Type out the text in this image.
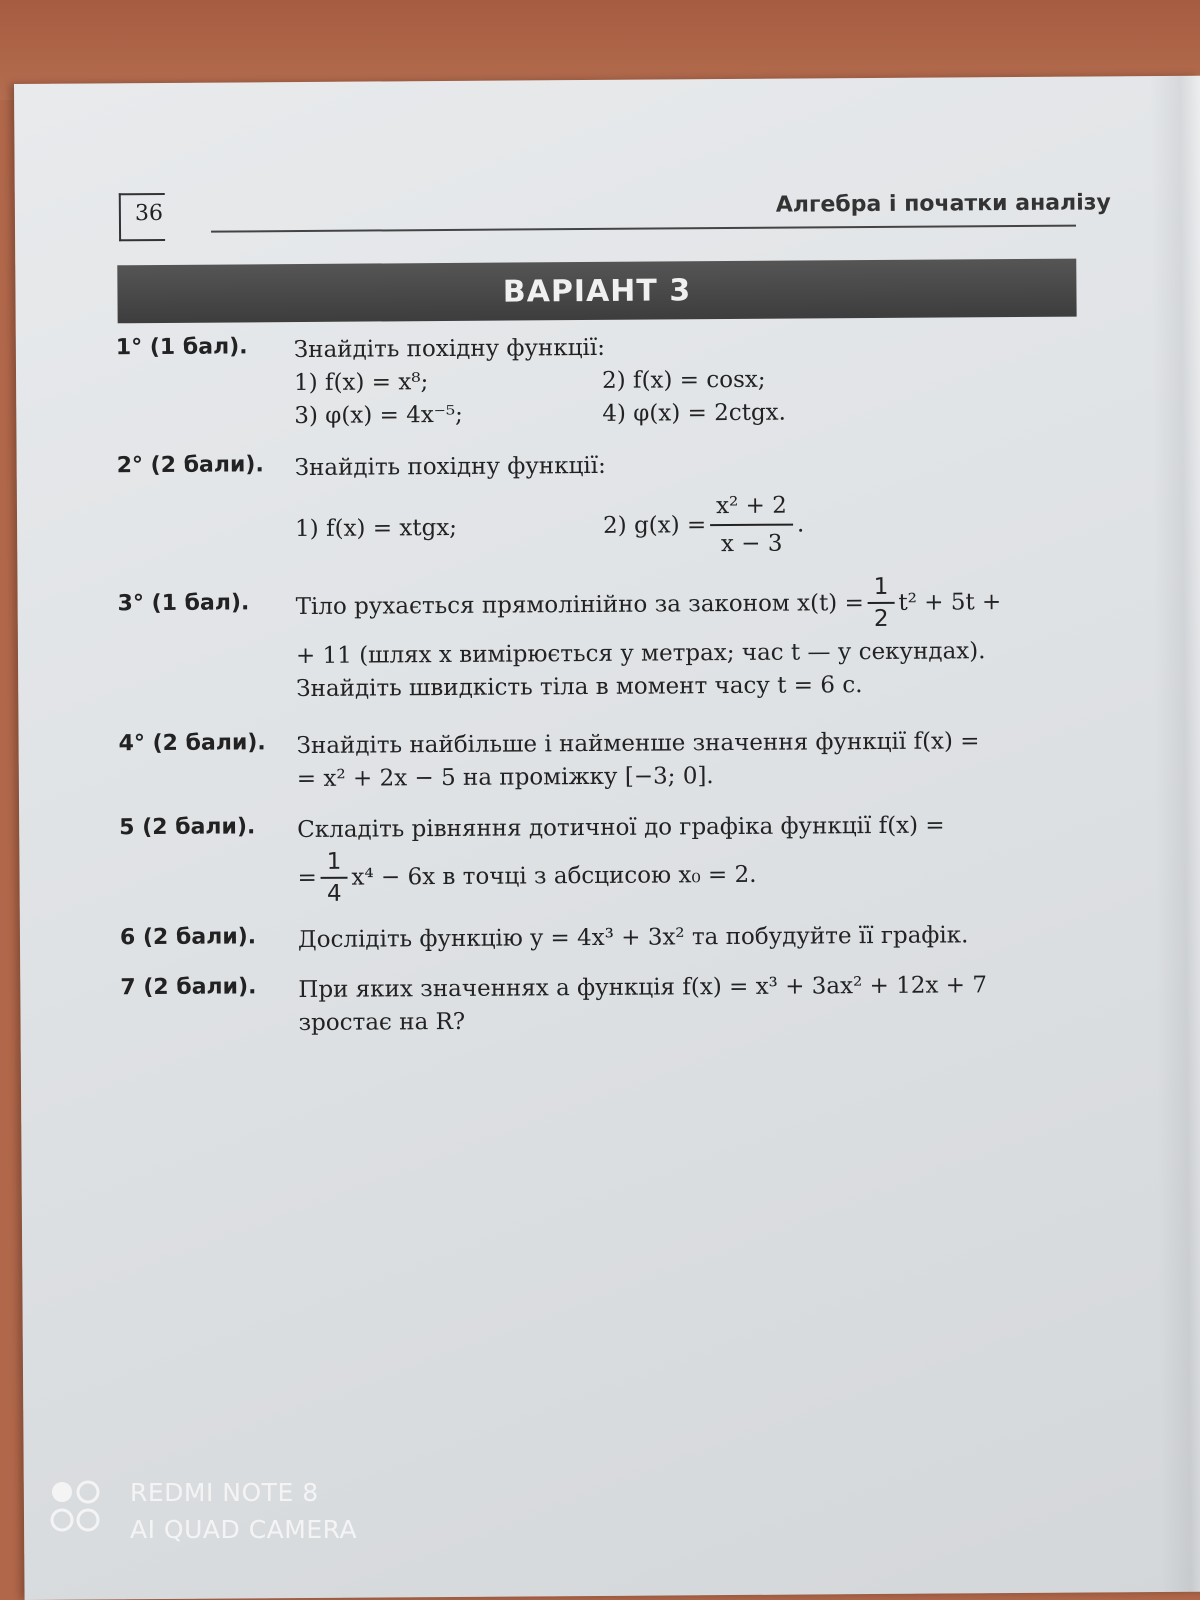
36	Алгебра і початки аналізу
ВАРІАНТ 3
1° (1 бал). Знайдіть похідну функції:
1) f(x) = x⁸;	2) f(x) = cosx;
3) φ(x) = 4x⁻⁵;	4) φ(x) = 2ctgx.
2° (2 бали). Знайдіть похідну функції:
1) f(x) = xtgx;	2) $g(x) = \frac{\text{x² + 2}}{x - 3}$ .
3° (1 бал). Тіло рухається прямолінійно за законом $x(t) = \frac{1}{2} t^2 + 5t$ +
+ 11 (шлях x вимірюється у метрах; час t — у секундах).
Знайдіть швидкість тіла в момент часу t = 6 с.
4° (2 бали). Знайдіть найбільше і найменше значення функції f(x) =
= x² + 2x − 5 на проміжку [−3; 0].
5 (2 бали). Складіть рівняння дотичної до графіка функції f(x) =
= $\frac{1}{4} x^4 - 6x$ в точці з абсцисою x₀ = 2.
6 (2 бали). Дослідіть функцію y = 4x³ + 3x² та побудуйте її графік.
7 (2 бали). При яких значеннях a функція f(x) = x³ + 3ax² + 12x + 7
зростає на R?
REDMI NOTE 8
AI QUAD CAMERA
